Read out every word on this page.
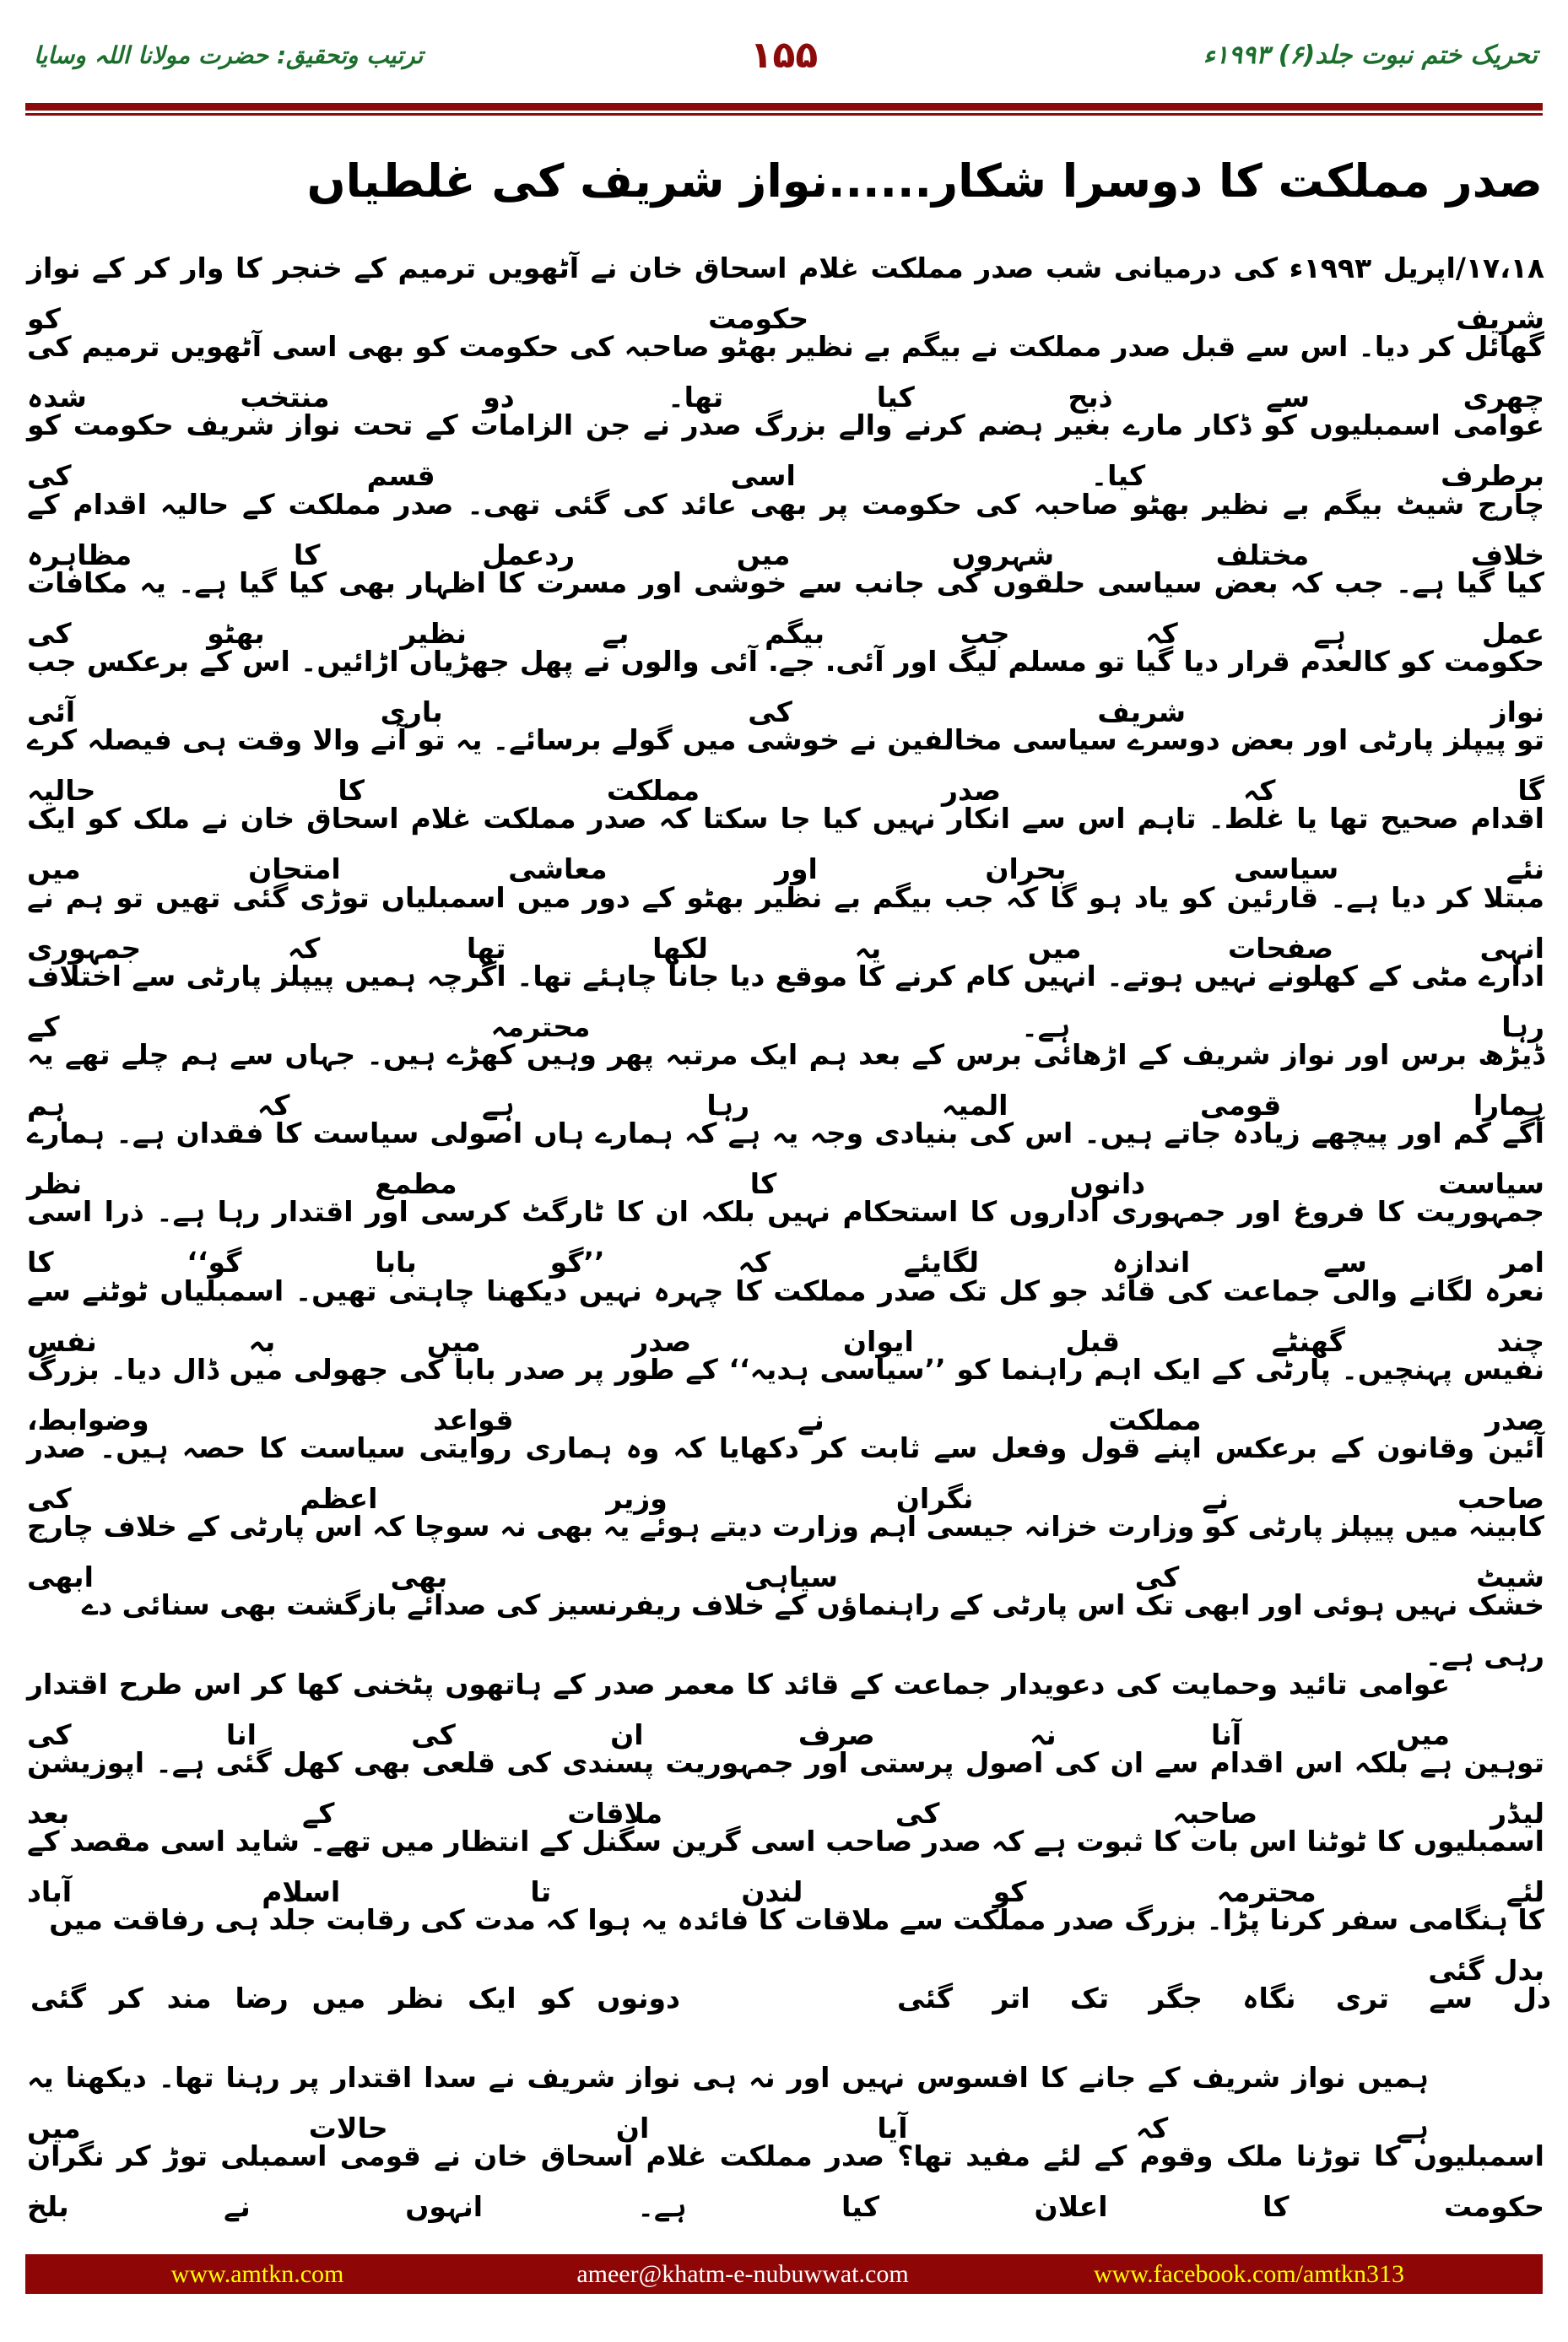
تحریک ختم نبوت جلد(۶) ۱۹۹۳ء
۱۵۵
ترتیب وتحقیق: حضرت مولانا اللہ وسایا
صدر مملکت کا دوسرا شکار......نواز شریف کی غلطیاں
۱۷،۱۸/اپریل ۱۹۹۳ء کی درمیانی شب صدر مملکت غلام اسحاق خان نے آٹھویں ترمیم کے خنجر کا وار کر کے نواز شریف حکومت کو
گھائل کر دیا۔ اس سے قبل صدر مملکت نے بیگم بے نظیر بھٹو صاحبہ کی حکومت کو بھی اسی آٹھویں ترمیم کی چھری سے ذبح کیا تھا۔ دو منتخب شدہ
عوامی اسمبلیوں کو ڈکار مارے بغیر ہضم کرنے والے بزرگ صدر نے جن الزامات کے تحت نواز شریف حکومت کو برطرف کیا۔ اسی قسم کی
چارج شیٹ بیگم بے نظیر بھٹو صاحبہ کی حکومت پر بھی عائد کی گئی تھی۔ صدر مملکت کے حالیہ اقدام کے خلاف مختلف شہروں میں ردعمل کا مظاہرہ
کیا گیا ہے۔ جب کہ بعض سیاسی حلقوں کی جانب سے خوشی اور مسرت کا اظہار بھی کیا گیا ہے۔ یہ مکافات عمل ہے کہ جب بیگم بے نظیر بھٹو کی
حکومت کو کالعدم قرار دیا گیا تو مسلم لیگ اور آئی. جے. آئی والوں نے پھل جھڑیاں اڑائیں۔ اس کے برعکس جب نواز شریف کی باری آئی
تو پیپلز پارٹی اور بعض دوسرے سیاسی مخالفین نے خوشی میں گولے برسائے۔ یہ تو آنے والا وقت ہی فیصلہ کرے گا کہ صدر مملکت کا حالیہ
اقدام صحیح تھا یا غلط۔ تاہم اس سے انکار نہیں کیا جا سکتا کہ صدر مملکت غلام اسحاق خان نے ملک کو ایک نئے سیاسی بحران اور معاشی امتحان میں
مبتلا کر دیا ہے۔ قارئین کو یاد ہو گا کہ جب بیگم بے نظیر بھٹو کے دور میں اسمبلیاں توڑی گئی تھیں تو ہم نے انہی صفحات میں یہ لکھا تھا کہ جمہوری
ادارے مٹی کے کھلونے نہیں ہوتے۔ انہیں کام کرنے کا موقع دیا جانا چاہئے تھا۔ اگرچہ ہمیں پیپلز پارٹی سے اختلاف رہا ہے۔ محترمہ کے
ڈیڑھ برس اور نواز شریف کے اڑھائی برس کے بعد ہم ایک مرتبہ پھر وہیں کھڑے ہیں۔ جہاں سے ہم چلے تھے یہ ہمارا قومی المیہ رہا ہے کہ ہم
آگے کم اور پیچھے زیادہ جاتے ہیں۔ اس کی بنیادی وجہ یہ ہے کہ ہمارے ہاں اصولی سیاست کا فقدان ہے۔ ہمارے سیاست دانوں کا مطمع نظر
جمہوریت کا فروغ اور جمہوری اداروں کا استحکام نہیں بلکہ ان کا ٹارگٹ کرسی اور اقتدار رہا ہے۔ ذرا اسی امر سے اندازہ لگایئے کہ ’’گو بابا گو‘‘ کا
نعرہ لگانے والی جماعت کی قائد جو کل تک صدر مملکت کا چہرہ نہیں دیکھنا چاہتی تھیں۔ اسمبلیاں ٹوٹنے سے چند گھنٹے قبل ایوان صدر میں بہ نفس
نفیس پہنچیں۔ پارٹی کے ایک اہم راہنما کو ’’سیاسی ہدیہ‘‘ کے طور پر صدر بابا کی جھولی میں ڈال دیا۔ بزرگ صدر مملکت نے قواعد وضوابط،
آئین وقانون کے برعکس اپنے قول وفعل سے ثابت کر دکھایا کہ وہ ہماری روایتی سیاست کا حصہ ہیں۔ صدر صاحب نے نگران وزیر اعظم کی
کابینہ میں پیپلز پارٹی کو وزارت خزانہ جیسی اہم وزارت دیتے ہوئے یہ بھی نہ سوچا کہ اس پارٹی کے خلاف چارج شیٹ کی سیاہی بھی ابھی
خشک نہیں ہوئی اور ابھی تک اس پارٹی کے راہنماؤں کے خلاف ریفرنسیز کی صدائے بازگشت بھی سنائی دے رہی ہے۔
عوامی تائید وحمایت کی دعویدار جماعت کے قائد کا معمر صدر کے ہاتھوں پٹخنی کھا کر اس طرح اقتدار میں آنا نہ صرف ان کی انا کی
توہین ہے بلکہ اس اقدام سے ان کی اصول پرستی اور جمہوریت پسندی کی قلعی بھی کھل گئی ہے۔ اپوزیشن لیڈر صاحبہ کی ملاقات کے بعد
اسمبلیوں کا ٹوٹنا اس بات کا ثبوت ہے کہ صدر صاحب اسی گرین سگنل کے انتظار میں تھے۔ شاید اسی مقصد کے لئے محترمہ کو لندن تا اسلام آباد
کا ہنگامی سفر کرنا پڑا۔ بزرگ صدر مملکت سے ملاقات کا فائدہ یہ ہوا کہ مدت کی رقابت جلد ہی رفاقت میں بدل گئی
دل سے تری نگاہ جگر تک اتر گئی
دونوں کو ایک نظر میں رضا مند کر گئی
ہمیں نواز شریف کے جانے کا افسوس نہیں اور نہ ہی نواز شریف نے سدا اقتدار پر رہنا تھا۔ دیکھنا یہ ہے کہ آیا ان حالات میں
اسمبلیوں کا توڑنا ملک وقوم کے لئے مفید تھا؟ صدر مملکت غلام اسحاق خان نے قومی اسمبلی توڑ کر نگران حکومت کا اعلان کیا ہے۔ انہوں نے بلخ
www.amtkn.com	ameer@khatm-e-nubuwwat.com	www.facebook.com/amtkn313
